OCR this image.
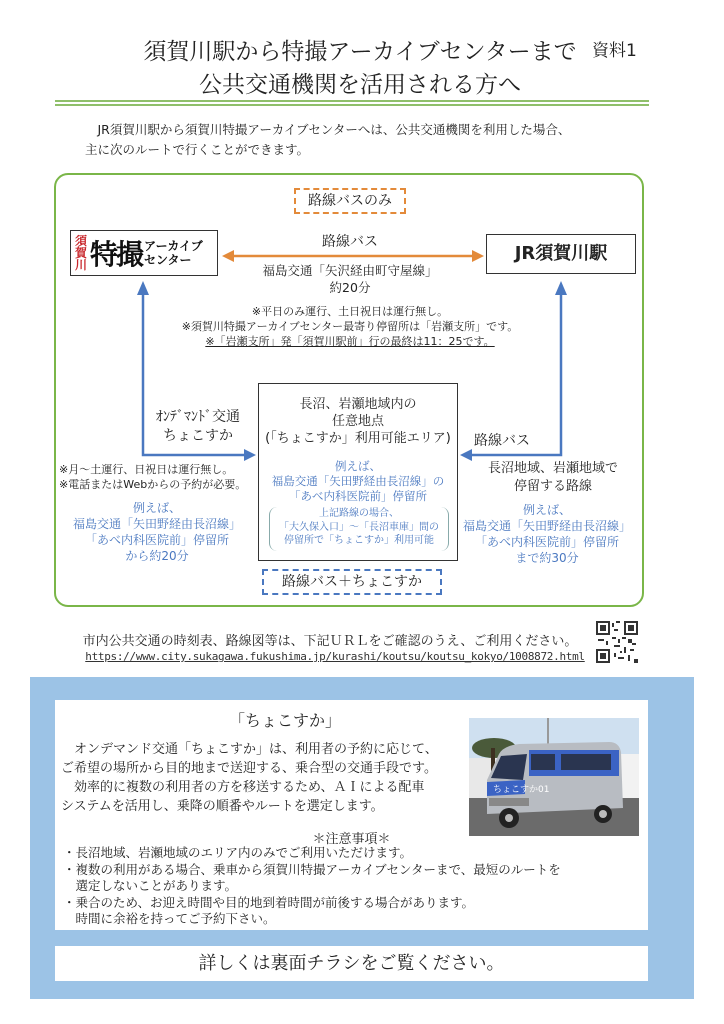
資料1
須賀川駅から特撮アーカイブセンターまで
公共交通機関を活用される方へ
　JR須賀川駅から須賀川特撮アーカイブセンターへは、公共交通機関を利用した場合、
主に次のルートで行くことができます。
路線バスのみ
須賀川 特撮 アーカイブ
センター	JR須賀川駅
路線バス
福島交通「矢沢経由町守屋線」
約20分
※平日のみ運行、土日祝日は運行無し。
※須賀川特撮アーカイブセンター最寄り停留所は「岩瀬支所」です。
※「岩瀬支所」発「須賀川駅前」行の最終は11：25です。
長沼、岩瀬地域内の
任意地点
(「ちょこすか」利用可能エリア)
例えば、
福島交通「矢田野経由長沼線」の
「あべ内科医院前」停留所
上記路線の場合、
「大久保入口」～「長沼車庫」間の
停留所で「ちょこすか」利用可能
ｵﾝﾃﾞﾏﾝﾄﾞ交通
ちょこすか
※月～土運行、日祝日は運行無し。
※電話またはWebからの予約が必要。
例えば、
福島交通「矢田野経由長沼線」
「あべ内科医院前」停留所
から約20分
路線バス
長沼地域、岩瀬地域で
停留する路線
例えば、
福島交通「矢田野経由長沼線」
「あべ内科医院前」停留所
まで約30分
路線バス＋ちょこすか
市内公共交通の時刻表、路線図等は、下記ＵＲＬをご確認のうえ、ご利用ください。
https://www.city.sukagawa.fukushima.jp/kurashi/koutsu/koutsu_kokyo/1008872.html
「ちょこすか」
　オンデマンド交通「ちょこすか」は、利用者の予約に応じて、
ご希望の場所から目的地まで送迎する、乗合型の交通手段です。
　効率的に複数の利用者の方を移送するため、ＡＩによる配車
システムを活用し、乗降の順番やルートを選定します。
ちょこすか01
＊注意事項＊
・長沼地域、岩瀬地域のエリア内のみでご利用いただけます。
・複数の利用がある場合、乗車から須賀川特撮アーカイブセンターまで、最短のルートを
　選定しないことがあります。
・乗合のため、お迎え時間や目的地到着時間が前後する場合があります。
　時間に余裕を持ってご予約下さい。
詳しくは裏面チラシをご覧ください。
